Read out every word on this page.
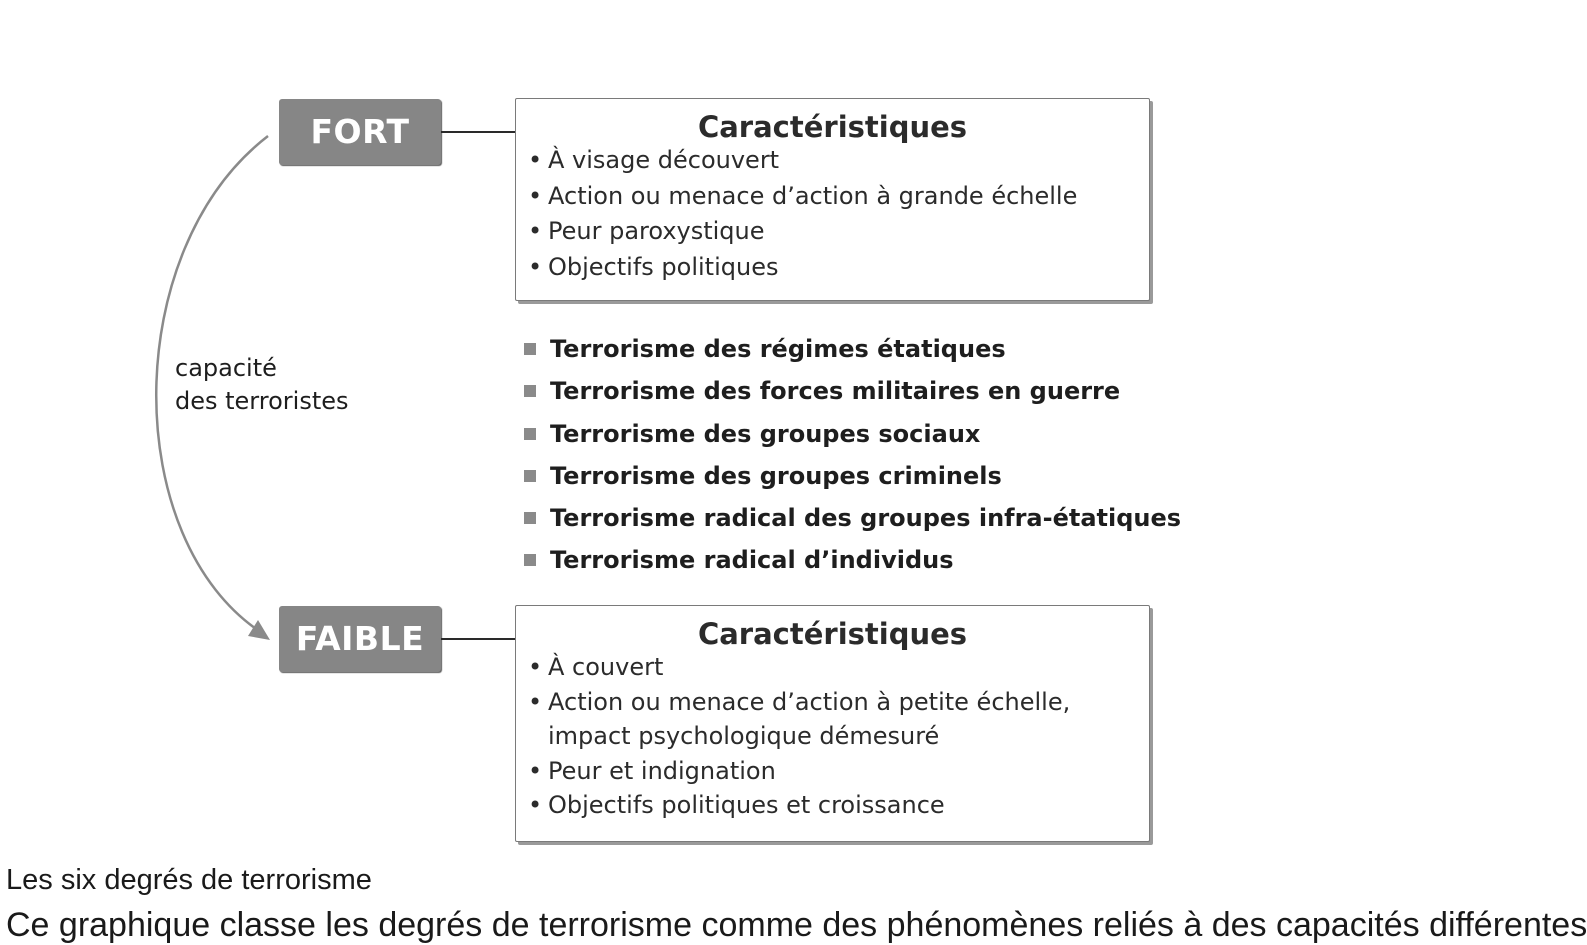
FORT	Caractéristiques
• À visage découvert
• Action ou menace d’action à grande échelle
• Peur paroxystique
• Objectifs politiques
capacité
des terroristes
Terrorisme des régimes étatiques
Terrorisme des forces militaires en guerre
Terrorisme des groupes sociaux
Terrorisme des groupes criminels
Terrorisme radical des groupes infra-étatiques
Terrorisme radical d’individus
FAIBLE	Caractéristiques
• À couvert
• Action ou menace d’action à petite échelle,
impact psychologique démesuré
• Peur et indignation
• Objectifs politiques et croissance
Les six degrés de terrorisme
Ce graphique classe les degrés de terrorisme comme des phénomènes reliés à des capacités différentes
